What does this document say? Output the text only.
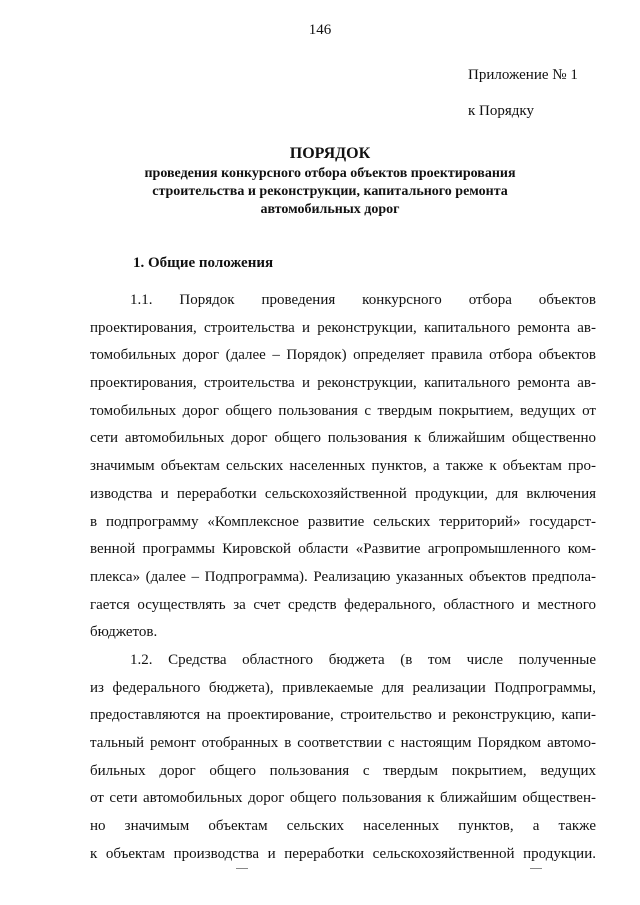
146
Приложение № 1
к Порядку
ПОРЯДОК
проведения конкурсного отбора объектов проектирования
строительства и реконструкции, капитального ремонта
автомобильных дорог
1. Общие положения
1.1. Порядок проведения конкурсного отбора объектов
проектирования, строительства и реконструкции, капитального ремонта ав-
томобильных дорог (далее – Порядок) определяет правила отбора объектов
проектирования, строительства и реконструкции, капитального ремонта ав-
томобильных дорог общего пользования с твердым покрытием, ведущих от
сети автомобильных дорог общего пользования к ближайшим общественно
значимым объектам сельских населенных пунктов, а также к объектам про-
изводства и переработки сельскохозяйственной продукции, для включения
в подпрограмму «Комплексное развитие сельских территорий» государст-
венной программы Кировской области «Развитие агропромышленного ком-
плекса» (далее – Подпрограмма). Реализацию указанных объектов предпола-
гается осуществлять за счет средств федерального, областного и местного
бюджетов.
1.2. Средства областного бюджета (в том числе полученные
из федерального бюджета), привлекаемые для реализации Подпрограммы,
предоставляются на проектирование, строительство и реконструкцию, капи-
тальный ремонт отобранных в соответствии с настоящим Порядком автомо-
бильных дорог общего пользования с твердым покрытием, ведущих
от сети автомобильных дорог общего пользования к ближайшим обществен-
но значимым объектам сельских населенных пунктов, а также
к объектам производства и переработки сельскохозяйственной продукции.
